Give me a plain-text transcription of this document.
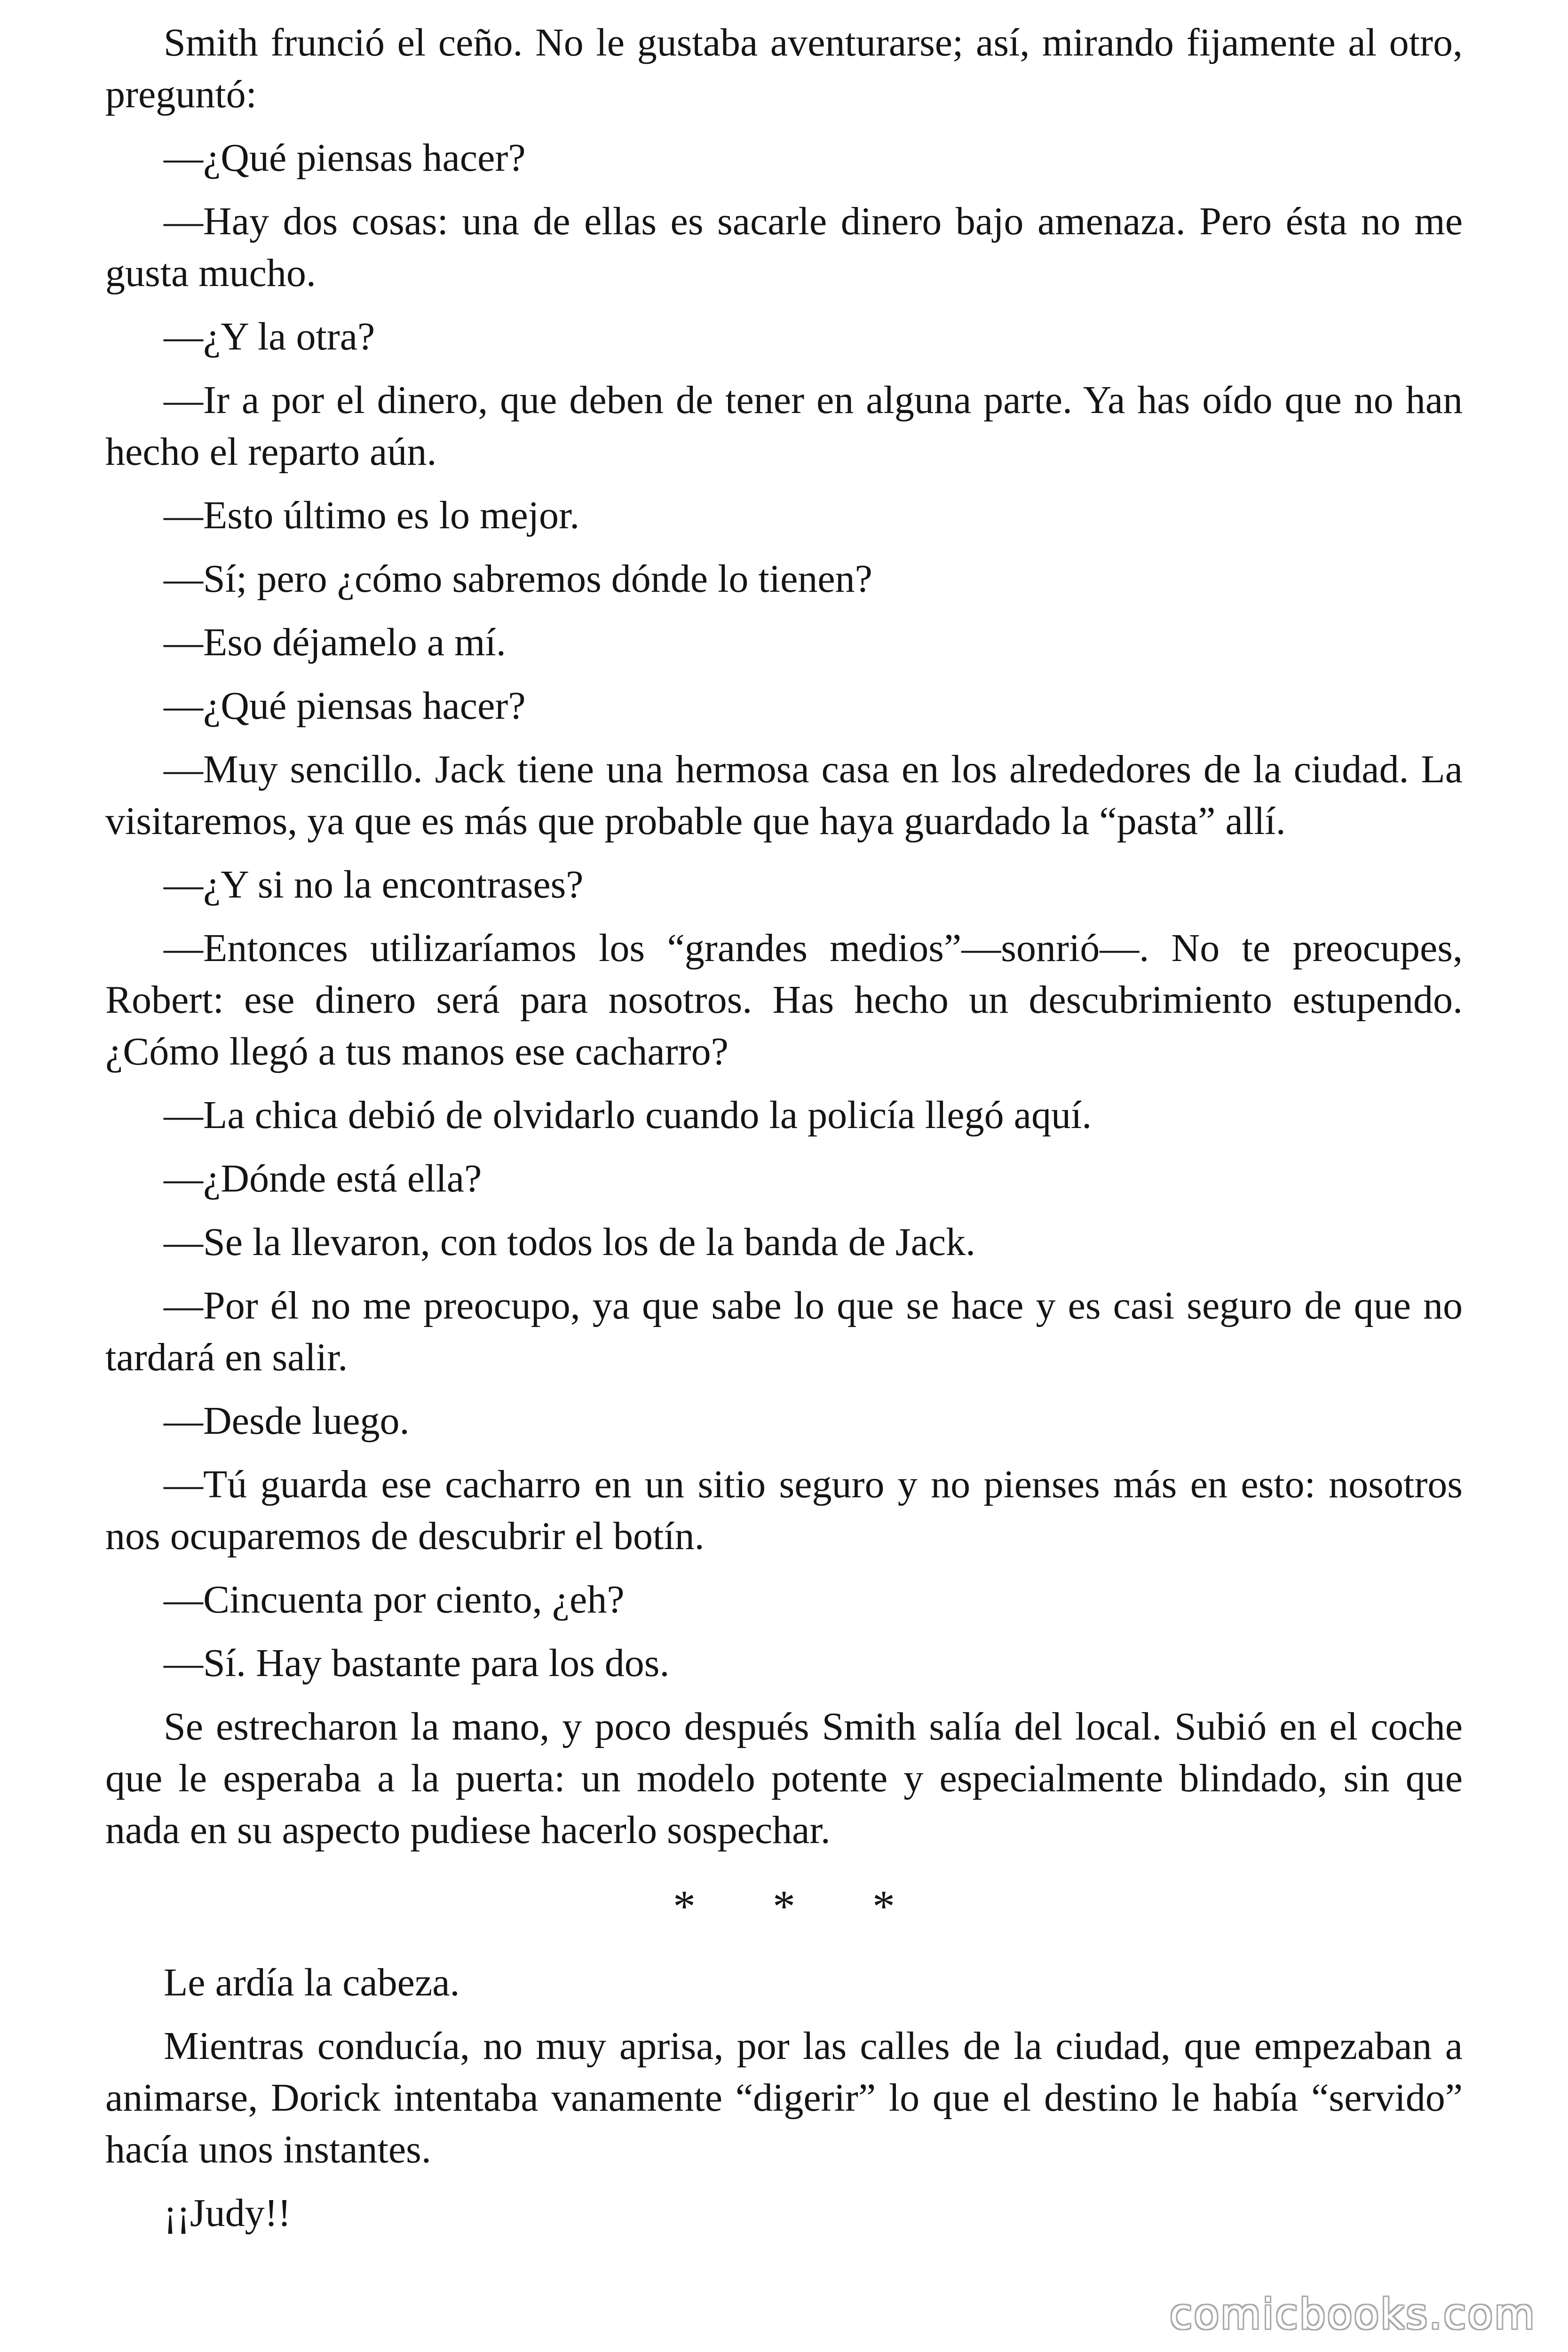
Smith frunció el ceño. No le gustaba aventurarse; así, mirando fijamente al otro, preguntó:

—¿Qué piensas hacer?

—Hay dos cosas: una de ellas es sacarle dinero bajo amenaza. Pero ésta no me gusta mucho.

—¿Y la otra?

—Ir a por el dinero, que deben de tener en alguna parte. Ya has oído que no han hecho el reparto aún.

—Esto último es lo mejor.

—Sí; pero ¿cómo sabremos dónde lo tienen?

—Eso déjamelo a mí.

—¿Qué piensas hacer?

—Muy sencillo. Jack tiene una hermosa casa en los alrededores de la ciudad. La visitaremos, ya que es más que probable que haya guardado la “pasta” allí.

—¿Y si no la encontrases?

—Entonces utilizaríamos los “grandes medios”—sonrió—. No te preocupes, Robert: ese dinero será para nosotros. Has hecho un descubrimiento estupendo. ¿Cómo llegó a tus manos ese cacharro?

—La chica debió de olvidarlo cuando la policía llegó aquí.

—¿Dónde está ella?

—Se la llevaron, con todos los de la banda de Jack.

—Por él no me preocupo, ya que sabe lo que se hace y es casi seguro de que no tardará en salir.

—Desde luego.

—Tú guarda ese cacharro en un sitio seguro y no pienses más en esto: nosotros nos ocuparemos de descubrir el botín.

—Cincuenta por ciento, ¿eh?

—Sí. Hay bastante para los dos.

Se estrecharon la mano, y poco después Smith salía del local. Subió en el coche que le esperaba a la puerta: un modelo potente y especialmente blindado, sin que nada en su aspecto pudiese hacerlo sospechar.

* * *

Le ardía la cabeza.

Mientras conducía, no muy aprisa, por las calles de la ciudad, que empezaban a animarse, Dorick intentaba vanamente “digerir” lo que el destino le había “servido” hacía unos instantes.

¡¡Judy!!

comicbooks.com
